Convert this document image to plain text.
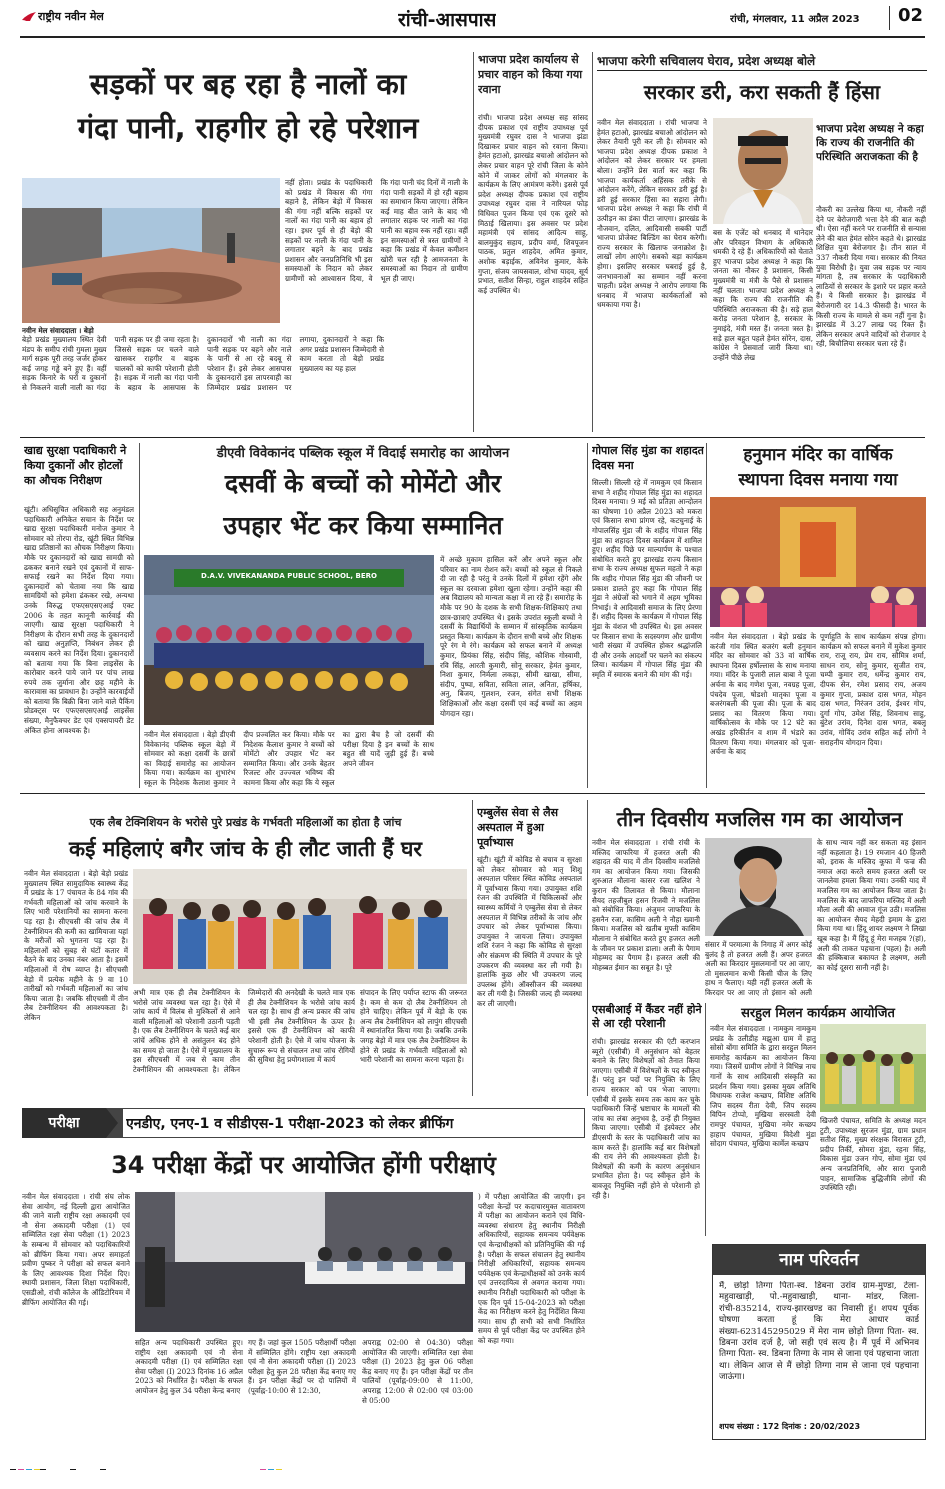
राष्ट्रीय नवीन मेल	रांची-आसपास	रांची, मंगलवार, 11 अप्रैल 2023 02
सड़कों पर बह रहा है नालों का
गंदा पानी, राहगीर हो रहे परेशान
नवीन मेल संवाददाता । बेड़ो
बेड़ो प्रखंड मुख्यालय स्थित देवी मंडप के समीप रांची गुमला मुख्य मार्ग सड़क पूरी तरह जर्जर होकर कई जगह गड्ढे बने हुए हैं। वहीं सड़क किनारे के घरों व दुकानों से निकलने वाली नाली का गंदा पानी सड़क पर ही जमा रहता है। जिससे सड़क पर चलने वाले खासकर राहगीर व बाइक चालकों को काफी परेशानी होती है। सड़क में नाली का गंदा पानी के बहाव के आसपास के दुकानदारों भी नाली का गंदा पानी सड़क पर बहने और नाले के पानी से आ रहे बदबू से परेशान हैं। इसे लेकर आसपास के दुकानदारों इस लापरवाही का जिम्मेदार प्रखंड प्रशासन पर लगाया, दुकानदारों ने कहा कि अगर प्रखंड प्रशासन जिम्मेदारी से काम करता तो बेड़ो प्रखंड मुख्यालय का यह हाल
नहीं होता। प्रखंड के पदाधिकारी को प्रखंड में विकास की गंगा बहाने है, लेकिन बेड़ो में विकास की गंगा नहीं बल्कि सड़कों पर नालों का गंदा पानी का बहाव हो रहा। इधर पूर्व से ही बेड़ो की सड़कों पर नाली के गंदा पानी के लगातार बहने के बाद प्रखंड प्रशासन और जनप्रतिनिधि भी इस समस्याओं के निदान को लेकर ग्रामीणों को आश्वासन दिया, वे कि गंदा पानी चंद दिनों में नाली के गंदा पानी सड़कों में हो रही बहाव का समाधान किया जाएगा। लेकिन कई माह बीत जाने के बाद भी लगातार सड़क पर नाली का गंदा पानी का बहाव रुक नहीं रहा। वहीं इन समस्याओं से त्रस्त ग्रामीणों ने कहा कि प्रखंड में केवल कमीशन खोरी चल रही है आमजनता के समस्याओं का निदान तो ग्रामीण भूल ही जाए।
भाजपा प्रदेश कार्यालय से प्रचार वाहन को किया गया रवाना
रांची। भाजपा प्रदेश अध्यक्ष सह सांसद दीपक प्रकाश एवं राष्ट्रीय उपाध्यक्ष पूर्व मुख्यमंत्री रघुवर दास ने भाजपा झंडा दिखाकर प्रचार वाहन को रवाना किया। हेमंत हटाओ, झारखंड बचाओ आंदोलन को लेकर प्रचार वाहन पूरे रांची जिला के कोने कोने में जाकर लोगों को मंगलवार के कार्यक्रम के लिए आमंत्रण करेंगे। इससे पूर्व प्रदेश अध्यक्ष दीपक प्रकाश एवं राष्ट्रीय उपाध्यक्ष रघुवर दास ने नारियल फोड़ विधिवत पूजन किया एवं एक दूसरे को मिठाई खिलाया। इस अवसर पर प्रदेश महामंत्री एवं सांसद आदित्य साहू, बालमुकुंद सहाय, प्रदीप वर्मा, शिवपूजन पाठक, प्रतुल शाहदेव, अमित कुमार, अशोक बड़ाईक, अविनेश कुमार, केके गुप्ता, संजय जायसवाल, शोभा यादव, सूर्य प्रभात, सतीश सिन्हा, राहुल शाहदेव सहित कई उपस्थित थे।
भाजपा करेगी सचिवालय घेराव, प्रदेश अध्यक्ष बोले
सरकार डरी, करा सकती हैं हिंसा
नवीन मेल संवाददाता । रांची भाजपा ने हेमंत हटाओ, झारखंड बचाओ आंदोलन को लेकर तैयारी पूरी कर ली है। सोमवार को भाजपा प्रदेश अध्यक्ष दीपक प्रकाश ने आंदोलन को लेकर सरकार पर हमला बोला। उन्होंने प्रेस वार्ता कर कहा कि भाजपा कार्यकर्ता अहिंसक तरीके से आंदोलन करेंगे, लेकिन सरकार डरी हुई है। डरी हुई सरकार हिंसा का सहारा लेगी। भाजपा प्रदेश अध्यक्ष ने कहा कि रांची में उत्पीड़न का डंका पीटा जाएगा। झारखंड के नौजवान, दलित, आदिवासी सबकी पार्टी भाजपा प्रोजेक्ट बिल्डिंग का घेराव करेगी। राज्य सरकार के खिलाफ जनाक्रोश है। लाखों लोग आएंगे। सबको बड़ा कार्यक्रम होगा। इसलिए सरकार घबराई हुई है, जनभावनाओं का सम्मान नहीं करना चाहती। प्रदेश अध्यक्ष ने आरोप लगाया कि धनबाद में भाजपा कार्यकर्ताओं को धमकाया गया है।
भाजपा प्रदेश अध्यक्ष ने कहा कि राज्य की राजनीति की परिस्थिति अराजकता की है
बस के एजेंट को धनबाद में थानेदार और परिवहन विभाग के अधिकारी धमकी दे रहे हैं। अधिकारियों को चेताते हुए भाजपा प्रदेश अध्यक्ष ने कहा कि जनता का नौकर है प्रशासन, किसी मुख्यमंत्री या मंत्री के पैसे से प्रशासन नहीं चलता। भाजपा प्रदेश अध्यक्ष ने कहा कि राज्य की राजनीति की परिस्थिति अराजकता की है। सड़े हाल करोड़ जनता परेशान है, सरकार के नुमाइंदे, मंत्री मस्त हैं। जनता त्रस्त है। सड़े हाल बहुत पहले हेमंत सोरेन, दास, कांग्रेस ने प्रेसवार्ता जारी किया था। उन्होंने पीछे लेख
नौकरी का उल्लेख किया था, नौकरी नहीं देने पर बेरोजगारी भत्ता देने की बात कही थी। ऐसा नहीं करने पर राजनीति से सन्यास लेने की बात हेमंत सोरेन कहते थे। झारखंड शिक्षित युवा बेरोजगार है। तीन साल में 337 नौकरी दिया गया। सरकार की नियत युवा विरोधी है। युवा जब सड़क पर न्याय मांगता है, तब सरकार के पदाधिकारी लाठियों से सरकार के इशारे पर प्रहार करते हैं। ये किसी सरकार है। झारखंड में बेरोजगारी दर 14.3 फीसदी है। भारत के किसी राज्य के मामले से कम नहीं गुना है। झारखंड में 3.27 लाख पद रिक्त हैं। लेकिन सरकार अपने वादियों को रोजगार दे रही, बिचौलिया सरकार चला रहे हैं।
खाद्य सुरक्षा पदाधिकारी ने किया दुकानों और होटलों का औचक निरीक्षण
खूंटी। अधिसूचित अधिकारी सह अनुमंडल पदाधिकारी अनिकेत सचान के निर्देश पर खाद्य सुरक्षा पदाधिकारी मनोज कुमार ने सोमवार को तोरपा रोड, खूंटी स्थित विभिन्न खाद्य प्रतिष्ठानों का औचक निरीक्षण किया। मौके पर दुकानदारों को खाद्य सामग्री को ढककर बनाने रखने एवं दुकानों में साफ-सफाई रखने का निर्देश दिया गया। दुकानदारों को चेतावा नया कि खाद्य सामग्रियों को हमेशा ढंककर रखे, अन्यथा उनके विरुद्ध एफएसएसएआई एक्ट 2006 के तहत कानूनी कार्रवाई की जाएगी। खाद्य सुरक्षा पदाधिकारी ने निरीक्षण के दौरान सभी तरह के दुकानदारों को खाद्य अनुज्ञप्ति, निबंधन लेकर ही व्यवसाय करने का निर्देश दिया। दुकानदारों को बताया गया कि बिना लाइसेंस के कारोबार करने पाये जाने पर पांच लाख रुपये तक जुर्माना और छह महीने के कारावास का प्रावधान है। उन्होंने कारवाईयों को बताया कि बिक्री बिना जाने वाले पैकिंग प्रोडक्ट्स पर एफएसएसएआई लाइसेंस संख्या, मैनुफैक्चर डेट एवं एक्सपायरी डेट अंकित होना आवश्यक है।
डीएवी विवेकानंद पब्लिक स्कूल में विदाई समारोह का आयोजन
दसवीं के बच्चों को मोमेंटो और
उपहार भेंट कर किया सम्मानित
D.A.V. VIVEKANANDA PUBLIC SCHOOL, BERO
नवीन मेल संवाददाता । बेड़ो डीएवी विवेकानंद पब्लिक स्कूल बेड़ो में सोमवार को कक्षा दसवीं के छात्रों का विदाई समारोह का आयोजन किया गया। कार्यक्रम का शुभारंभ स्कूल के निदेशक कैलाश कुमार ने दीप प्रज्वलित कर किया। मौके पर निदेशक कैलाश कुमार ने बच्चों को मोमेंटो और उपहार भेंट कर सम्मानित किया। और उनके बेहतर रिजल्ट और उज्ज्वल भविष्य की कामना किया और कहा कि ये स्कूल का द्वारा बैच है जो दसवीं की परीक्षा दिया है इन बच्चों के साथ बहुत सी यादें जुड़ी हुई हैं। बच्चे अपने जीवन
में अच्छे मुकाम हासिल करें और अपने स्कूल और परिवार का नाम रोशन करें। बच्चों को स्कूल से निकले दी जा रही है परंतु वे उनके दिलों में हमेशा रहेंगे और स्कूल का दरवाजा हमेशा खुला रहेगा। उन्होंने कहा की अब विद्यालय को मान्यता कक्षा में ला रहे हैं। समारोह के मौके पर 90 के दशक के सभी शिक्षक-शिक्षिकाएं तथा छात्र-छात्राएं उपस्थित थे। इसके उपरांत स्कूली बच्चों ने दसवीं के विद्यार्थियों के सम्मान में सांस्कृतिक कार्यक्रम प्रस्तुत किया। कार्यक्रम के दौरान सभी बच्चे और शिक्षक पूरे रंग मे रंगे। कार्यक्रम को सफल बनाने में अध्यक्ष कुमार, प्रियंका सिंह, संदीप सिंह, कौशिक गोस्वामी, रवि सिंह, आरती कुमारी, सोनू सरकार, हेमंत कुमार, निशा कुमार, निर्मला लकड़ा, सीमी खाखा, सीमा, संदीप, पुष्पा, सविता, सविता लाल, अनिता, हर्षिका, अनु, बिजय, गुलशन, रजन, संगेत सभी शिक्षक शिक्षिकाओं और कक्षा दसवीं एवं कई बच्चों का अहम योगदान रहा।
गोपाल सिंह मुंडा का शहादत दिवस मना
सिल्ली। सिल्ली रहे में नामकुम एवं किसान सभा ने शहीद गोपाल सिंह मुंडा का शहादत दिवस मनाया। 9 मई को प्रतिज्ञा आन्दोलन का घोषणा 10 अप्रैल 2023 को मकरा एवं किसान सभा प्रांगण रहे, कटचुनाई के गोपालसिंह मुंडा जी के शहीद गोपाल सिंह मुंडा का शहादत दिवस कार्यक्रम में शामिल हुए। शहीद पिछे पर माल्यार्पण के पश्चात संबोधित करते हुए झारखंड राज्य किसान सभा के राज्य अध्यक्ष सुफल महतो ने कहा कि शहीद गोपाल सिंह मुंडा की जीवनी पर प्रकाश डालते हुए कहा कि गोपाल सिंह मुंडा ने अंग्रेजों को भगाने में अहम भूमिका निभाई। वे आदिवासी समाज के लिए प्रेरणा हैं। शहीद दिवस के कार्यक्रम में गोपाल सिंह मुंडा के वंशज भी उपस्थित थे। इस अवसर पर किसान सभा के सदस्यगण और ग्रामीण भारी संख्या में उपस्थित होकर श्रद्धांजलि दी और उनके आदर्शों पर चलने का संकल्प लिया। कार्यक्रम में गोपाल सिंह मुंडा की स्मृति में स्मारक बनाने की मांग की गई।
हनुमान मंदिर का वार्षिक
स्थापना दिवस मनाया गया
नवीन मेल संवाददाता । बेड़ो प्रखंड के करंजी गांव स्थित बजरंग बली हनुमान मंदिर का सोमवार को 33 वां वार्षिक स्थापना दिवस हर्षोल्लास के साथ मनाया गया। मंदिर के पुजारी लाल बाबा ने पूजा अर्चना के बाद गणेश पूजा, नवग्रह पूजा, पंचदेव पूजा, षोडशो मातृका पूजा व बजरंगबली की पूजा की। पूजा के बाद प्रसाद का वितरण किया गया। वार्षिकोत्सव के मौके पर 12 घंटे का अखंड हरिकीर्तन व शाम में भंडारे का वितरण किया गया। मंगलवार को पूजा-अर्चना के बाद
पूर्णाहुति के साथ कार्यक्रम संपन्न होगा। कार्यक्रम को सफल बनाने में मुकेश कुमार राय, राजू राय, प्रेम राय, सौमित्र शर्मा, साधन राय, सोनू कुमार, सुजीत राय, चम्पी कुमार राय, धर्मेन्द्र कुमार राय, दीपक सेन, रमेश प्रसाद राय, अजय कुमार गुप्ता, प्रकाश दास भगत, मोहन दास भगत, निरंजन उरांव, ईश्वर गोप, दुर्गा गोप, उमेश सिंह, शिवनाथ साहु, बुंटेश उरांव, दिनेश दास भगत, बबलू उरांव, गोविंद उरांव सहित कई लोगों ने सराहनीय योगदान दिया।
एक लैब टेक्निशियन के भरोसे पुरे प्रखंड के गर्भवती महिलाओं का होता है जांच
कई महिलाएं बगैर जांच के ही लौट जाती हैं घर
नवीन मेल संवाददाता । बेड़ो बेड़ो प्रखंड मुख्यालय स्थित सामुदायिक स्वास्थ्य केंद्र में प्रखंड के 17 पंचायत के 84 गांव की गर्भवती महिलाओं को जांच करवाने के लिए भारी परेशानियों का सामना करना पड़ रहा है। सीएचसी की जांच लैब में टेक्नीशियन की कमी का खामियाजा यहां के मरीजों को भुगतना पड़ रहा है। महिलाओं को सुबह से घंटों कतार में बैठने के बाद उनका नंबर आता है। इसमें महिलाओं में रोष व्याप्त है। सीएचसी बेड़ो में प्रत्येक महीने के 9 वा 10 तारीखों को गर्भवती महिलाओं का जांच किया जाता है। जबकि सीएचसी में तीन लैब टेक्नीशियन की आवश्यकता है। लेकिन
अभी मात्र एक ही लैब टेक्नीशियन के भरोसे जांच व्यवस्था चल रहा है। ऐसे में जांच कार्य में विलंब से मुश्किलों से आने वाली महिलाओं को परेशानी उठानी पड़ती है। एक लैब टेक्नीशियन के चलते कई बार जांचें अधिक होने से असंतुलन बंद होने का समय हो जाता है। ऐसे में मुख्यालय के इस सीएचसी में जब से काम तीन टेक्नीशियन की आवश्यकता है। लेकिन जिम्मेदारों की अनदेखी के चलते मात्र एक ही लैब टेक्नीशियन के भरोसे जांच कार्य चल रहा है। साथ ही अन्य प्रकार की जांच भी इसी लैब टेक्नीशियन के ऊपर है। इससे एक ही टेक्नीशियन को काफी परेशानी होती है। ऐसे में जांच योजना के सुचारू रूप से संचालन तथा जांच रोगियों की सुविधा हेतु प्रयोगशाला में कार्य
संपादन के लिए पर्याप्त स्टाफ की जरूरत है। कम से कम दो लैब टेक्नीशियन तो होने चाहिए। लेकिन पूर्व में बेड़ो के एक अन्य लैब टेक्नीशियन को लापुंग सीएचसी में स्थानांतरित किया गया है। जबकि उनके जगह बेड़ो में मात्र एक लैब टेक्नीशियन के होने से प्रखंड के गर्भवती महिलाओं को भारी परेशानी का सामना करना पड़ता है।
एम्बुलेंस सेवा से लैस अस्पताल में हुआ पूर्वाभ्यास
खूंटी। खूंटी में कोविड से बचाव व सुरक्षा को लेकर सोमवार को मातृ शिशु अस्पताल परिसर स्थित कोविड अस्पताल में पूर्वाभ्यास किया गया। उपायुक्त शशि रंजन की उपस्थिति में चिकित्सकों और स्वास्थ्य कर्मियों ने एम्बुलेंस सेवा से लेकर अस्पताल में विभिन्न तरीकों के जांच और उपचार को लेकर पूर्वाभ्यास किया। उपायुक्त ने जायजा लिया। उपायुक्त शशि रंजन ने कहा कि कोविड से सुरक्षा और संक्रमण की स्थिति में उपचार के पूरे उपकरण की व्यवस्था कर ली गयी है। हालांकि कुछ और भी उपकरण जल्द उपलब्ध होंगे। ऑक्सीजन की व्यवस्था कर ली गयी है। जिसकी जल्द ही व्यवस्था कर ली जाएगी।
तीन दिवसीय मजलिस गम का आयोजन
नवीन मेल संवाददाता । रांची रांची के मस्जिद जाफरिया में हजरत अली की शहादत की याद में तीन दिवसीय मजलिसे गम का आयोजन किया गया। जिसकी शुरुआत मौलाना कासर रजा खलिश ने कुरान की तिलावत से किया। मौलाना सैयद तहजीबुल हसन रिजवी ने मजलिस को संबोधित किया। अंजुमन जाफरिया के हसनैन रजा, कासिम अली ने नौहा ख्वानी किया। मजलिस को खतीब मुफ्ती कासिम मौलाना ने संबोधित करते हुए हजरत अली के जीवन पर प्रकाश डाला। अली के पैगाम मोहम्मद का पैगाम है। हजरत अली की मोहब्बत ईमान का सबूत है। पूरे
संसार में परमात्मा के निगाह में अगर कोई बुलंद है तो हजरत अली हैं। अपर हजरत अली का किरदार मुसलमानों पर आ जाए, तो मुसलमान कभी किसी चीज के लिए हाथ न फैलाए। यही नहीं हजरत अली के किरदार पर आ जाए तो इंसान को अली
के साथ न्याय नहीं कर सकता वह इंसान नहीं कहलाता है। 19 रमजान 40 हिजरी को, इराक के मस्जिद कूफा में फज्र की नमाज अदा करते समय हजरत अली पर जानलेवा हमला किया गया। उनकी याद में मजलिस गम का आयोजन किया जाता है। मजलिस के बाद जाफरिया मस्जिद में अली मौला अली की आवाज गूंज उठी। मजलिस का आयोजन सैयद मेहदी इमाम के द्वारा किया गया था। हिंदू शायर लक्ष्मण ने लिखा खूब कहा है। मैं हिंदू हूं मेरा मजहब ?(हां), अली की ताकत पहचाना (पहल) है। अली की हक्किबाज बकायत है लक्ष्मण, अली का कोई दूसरा सानी नहीं है।
एसबीआई में कैंडर नहीं होने से आ रही परेशानी
रांची। झारखंड सरकार की एंटी करप्शन ब्यूरो (एसीबी) में अनुसंधान को बेहतर बनाने के लिए विशेषज्ञों को तैनात किया जाएगा। एसीबी में विशेषज्ञों के पद स्वीकृत हैं। परंतु इन पदों पर नियुक्ति के लिए राज्य सरकार को पत्र भेजा जाएगा। एसीबी में इसके समय तक काम कर चुके पदाधिकारी जिन्हें भ्रष्टाचार के मामलों की जांच का लंबा अनुभव है, उन्हें ही नियुक्त किया जाएगा। एसीबी में इंस्पेक्टर और डीएसपी के स्तर के पदाधिकारी जांच का काम करते हैं। हालांकि कई बार विशेषज्ञों की राय लेने की आवश्यकता होती है। विशेषज्ञों की कमी के कारण अनुसंधान प्रभावित होता है। पद स्वीकृत होने के बावजूद नियुक्ति नहीं होने से परेशानी हो रही है।
सरहुल मिलन कार्यक्रम आयोजित
नवीन मेल संवाददाता । नामकुम नामकुम प्रखंड के उलीडीह मझुआ ग्राम में हातु सोसो बोंगा समिति के द्वारा सरहुल मिलन समारोह कार्यक्रम का आयोजन किया गया। जिसमें ग्रामीण लोगों ने विभिन्न नाच गानों के साथ आदिवासी संस्कृति का प्रदर्शन किया गया। इसका मुख्य अतिथि विधायक राजेश कच्छप, विशिष्ट अतिथि जिप सदस्य रीता देवी, जिप सदस्य विपिन टोप्पो, मुखिया सरस्वती देवी रामपुर पंचायत, मुखिया नमेर कच्छप हाहाप पंचायत, मुखिया विदेशी मुंडा सोदाग पंचायत, मुखिया कार्मेल कच्छप
खिजरी पंचायत, समिति के अध्यक्ष मदन टुटी, उपाध्यक्ष सुरजन मुंडा, ग्राम प्रधान सतीश सिंह, मुख्य संरक्षक विरासत टुटी, प्रदीप तिर्की, सोमरा मुंडा, रहना सिंह, विकास मुंडा उजन गोप, सोमा मुंडा एवं अन्य जनप्रतिनिधि, और सारा पुजारी पाहन, सामाजिक बुद्धिजीवि लोगों की उपस्थिति रही।
परीक्षा	एनडीए, एनए-1 व सीडीएस-1 परीक्षा-2023 को लेकर ब्रीफिंग
34 परीक्षा केंद्रों पर आयोजित होंगी परीक्षाएं
नवीन मेल संवाददाता । रांची संघ लोक सेवा आयोग, नई दिल्ली द्वारा आयोजित की जाने वाली राष्ट्रीय रक्षा अकादमी एवं नौ सेना अकादमी परीक्षा (1) एवं सम्मिलित रक्षा सेवा परीक्षा (1) 2023 के सम्बन्ध में सोमवार को पदाधिकारियों को ब्रीफिंग किया गया। अपर समाहर्ता प्रवीण पुष्कर ने परीक्षा को सफल बनाने के लिए आवश्यक दिशा निर्देश दिए। स्थायी प्रशासन, जिला शिक्षा पदाधिकारी, एसडीओ, रांची कॉलेज के ऑडिटोरियम में ब्रीफिंग आयोजित की गई।
सहित अन्य पदाधिकारी उपस्थित हुए। राष्ट्रीय रक्षा अकादमी एवं नौ सेना अकादमी परीक्षा (I) एवं सम्मिलित रक्षा सेवा परीक्षा (I) 2023 दिनांक 16 अप्रैल 2023 को निर्धारित है। परीक्षा के सफल आयोजन हेतु कुल 34 परीक्षा केन्द्र बनाए
गए हैं। जहां कुल 1505 परीक्षार्थी परीक्षा में सम्मिलित होंगे। राष्ट्रीय रक्षा अकादमी एवं नौ सेना अकादमी परीक्षा (I) 2023 परीक्षा हेतु कुल 28 परीक्षा केंद्र बनाए गए हैं। इन परीक्षा केंद्रों पर दो पालियों में (पूर्वाह्न-10:00 से 12:30,
अपराह्न 02:00 से 04:30) परीक्षा आयोजित की जाएगी। सम्मिलित रक्षा सेवा परीक्षा (I) 2023 हेतु कुल 06 परीक्षा केंद्र बनाए गए हैं। इन परीक्षा केंद्रों पर तीन पालियों (पूर्वाह्न-09:00 से 11:00, अपराह्न 12:00 से 02:00 एवं 03:00 से 05:00
) में परीक्षा आयोजित की जाएगी। इन परीक्षा केन्द्रों पर कदाचारमुक्त वातावरण में परीक्षा का आयोजन कराने एवं विधि-व्यवस्था संधारण हेतु स्थानीय निरीक्षी अधिकारियों, सहायक समन्वय पर्यवेक्षक एवं केन्द्राधीक्षकों को प्रतिनियुक्ति की गई है। परीक्षा के सफल संचालन हेतु स्थानीय निरीक्षी अधिकारियों, सहायक समन्वय पर्यवेक्षक एवं केन्द्राधीक्षकों को उनके कार्य एवं उत्तरदायित्व से अवगत कराया गया। स्थानीय निरीक्षी पदाधिकारी को परीक्षा के एक दिन पूर्व 15-04-2023 को परीक्षा केंद्र का निरीक्षण करने हेतु निर्देशित किया गया। साथ ही सभी को सभी निर्धारित समय से पूर्व परीक्षा केंद्र पर उपस्थित होने को कहा गया।
नाम परिवर्तन
मैं, छोड़ो तिग्गा पिता-स्व. डिबना उरांव ग्राम-मुण्डा, टेला-महुवाखाड़ी, पो.-महुवाखाड़ी, थाना- मांडर, जिला-रांची-835214, राज्य-झारखण्ड का निवासी हूं। शपथ पूर्वक घोषणा करता हूं कि मेरा आधार कार्ड संख्या-623145295029 में मेरा नाम छोड़ो तिग्गा पिता- स्व. डिबना उरांव दर्ज है, जो सही एवं सत्य है। मैं पूर्व में अभिनव तिग्गा पिता- स्व. डिबना तिग्गा के नाम से जाना एवं पहचाना जाता था। लेकिन आज से मैं छोड़ो तिग्गा नाम से जाना एवं पहचाना जाऊंगा।
शपथ संख्या : 172 दिनांक : 20/02/2023
